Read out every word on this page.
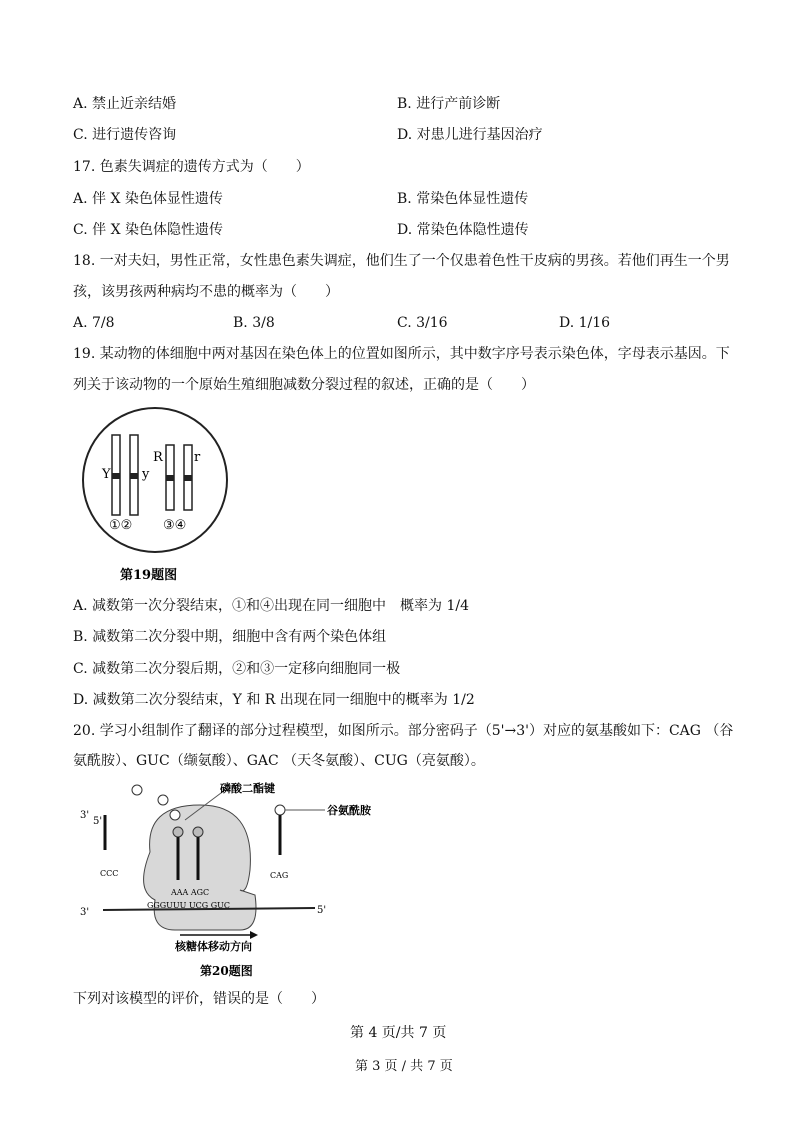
A. 禁止近亲结婚	B. 进行产前诊断
C. 进行遗传咨询	D. 对患儿进行基因治疗
17. 色素失调症的遗传方式为（　　）
A. 伴 X 染色体显性遗传	B. 常染色体显性遗传
C. 伴 X 染色体隐性遗传	D. 常染色体隐性遗传
18. 一对夫妇，男性正常，女性患色素失调症，他们生了一个仅患着色性干皮病的男孩。若他们再生一个男
孩，该男孩两种病均不患的概率为（　　）
A. 7/8	B. 3/8	C. 3/16	D. 1/16
19. 某动物的体细胞中两对基因在染色体上的位置如图所示，其中数字序号表示染色体，字母表示基因。下
列关于该动物的一个原始生殖细胞减数分裂过程的叙述，正确的是（　　）
Y y
R r
①② ③④
第19题图
A. 减数第一次分裂结束，①和④出现在同一细胞中　概率为 1/4
B. 减数第二次分裂中期，细胞中含有两个染色体组
C. 减数第二次分裂后期，②和③一定移向细胞同一极
D. 减数第二次分裂结束，Y 和 R 出现在同一细胞中的概率为 1/2
20. 学习小组制作了翻译的部分过程模型，如图所示。部分密码子（5'→3'）对应的氨基酸如下：CAG （谷
氨酰胺）、GUC（缬氨酸）、GAC （天冬氨酸）、CUG（亮氨酸）。
磷酸二酯键
谷氨酰胺
3'
5'
CCC	CAG
AAA AGC
GGGUUU UCG GUC
3'	5'
核糖体移动方向
第20题图
下列对该模型的评价，错误的是（　　）
第 4 页/共 7 页
第 3 页 / 共 7 页
